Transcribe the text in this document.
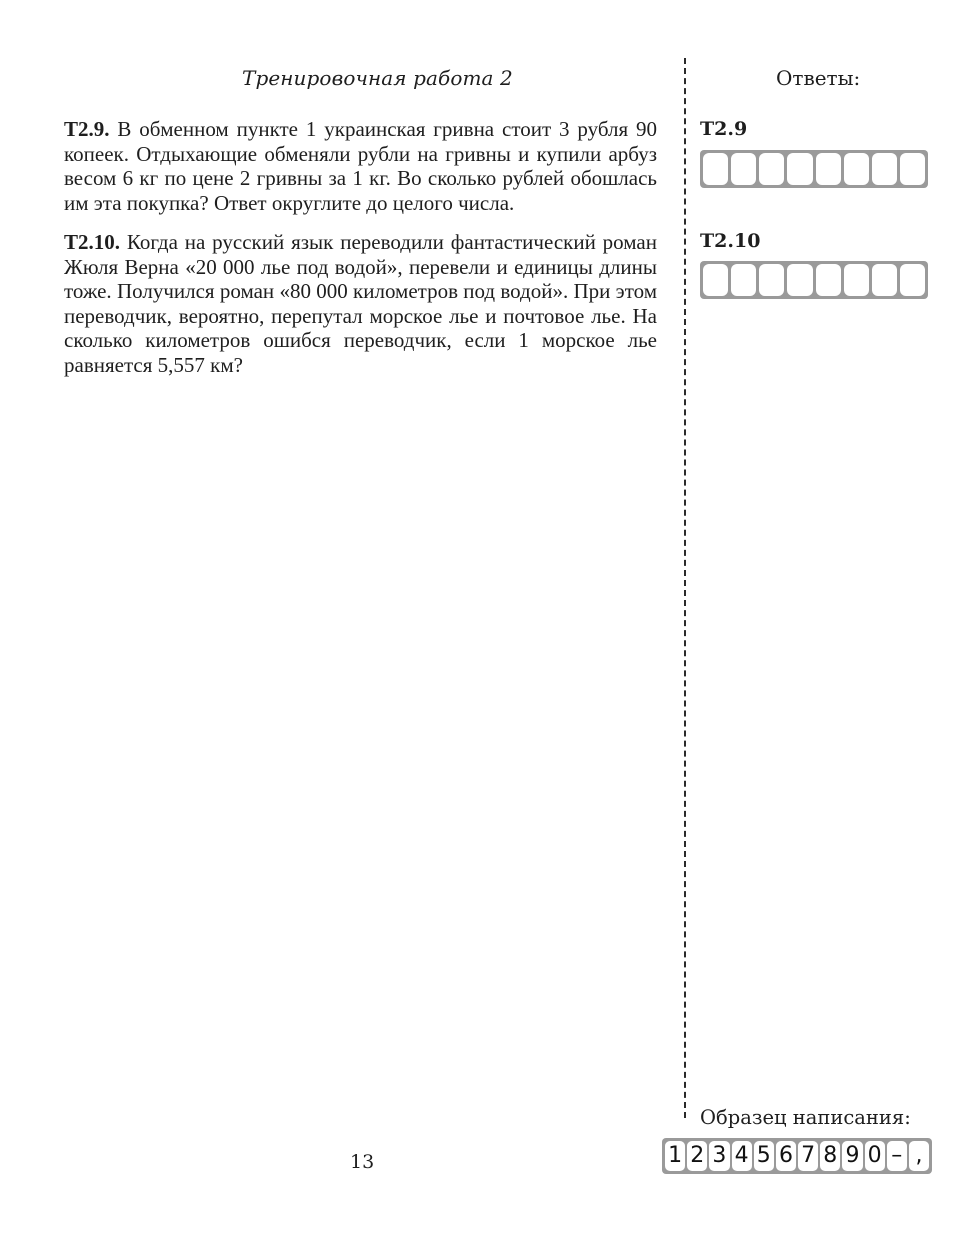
Тренировочная работа 2
Т2.9. В обменном пункте 1 украинская гривна стоит 3 рубля 90 копеек. Отдыхающие обменяли рубли на гривны и купили арбуз весом 6 кг по цене 2 гривны за 1 кг. Во сколько рублей обошлась им эта покупка? Ответ округлите до целого числа.
Т2.10. Когда на русский язык переводили фантастический роман Жюля Верна «20 000 лье под водой», перевели и единицы длины тоже. Получился роман «80 000 километров под водой». При этом переводчик, вероятно, перепутал морское лье и почтовое лье. На сколько километров ошибся переводчик, если 1 морское лье равняется 5,557 км?
Ответы:
Т2.9
Т2.10
Образец написания:
1 2 3 4 5 6 7 8 9 0 – ,
13
